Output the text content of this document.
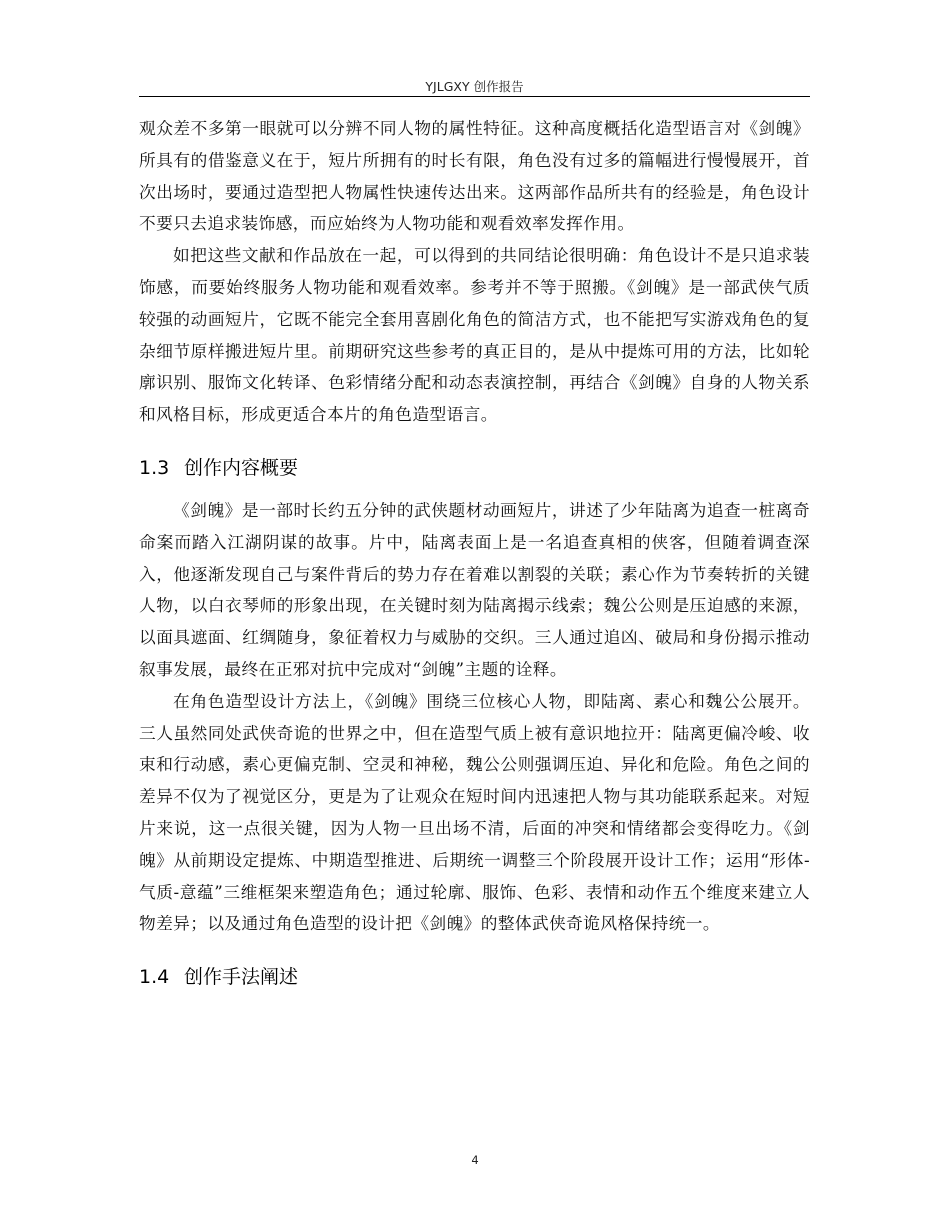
YJLGXY 创作报告

观众差不多第一眼就可以分辨不同人物的属性特征。这种高度概括化造型语言对《剑魄》所具有的借鉴意义在于，短片所拥有的时长有限，角色没有过多的篇幅进行慢慢展开，首次出场时，要通过造型把人物属性快速传达出来。这两部作品所共有的经验是，角色设计不要只去追求装饰感，而应始终为人物功能和观看效率发挥作用。

如把这些文献和作品放在一起，可以得到的共同结论很明确：角色设计不是只追求装饰感，而要始终服务人物功能和观看效率。参考并不等于照搬。《剑魄》是一部武侠气质较强的动画短片，它既不能完全套用喜剧化角色的简洁方式，也不能把写实游戏角色的复杂细节原样搬进短片里。前期研究这些参考的真正目的，是从中提炼可用的方法，比如轮廓识别、服饰文化转译、色彩情绪分配和动态表演控制，再结合《剑魄》自身的人物关系和风格目标，形成更适合本片的角色造型语言。

1.3 创作内容概要

《剑魄》是一部时长约五分钟的武侠题材动画短片，讲述了少年陆离为追查一桩离奇命案而踏入江湖阴谋的故事。片中，陆离表面上是一名追查真相的侠客，但随着调查深入，他逐渐发现自己与案件背后的势力存在着难以割裂的关联；素心作为节奏转折的关键人物，以白衣琴师的形象出现，在关键时刻为陆离揭示线索；魏公公则是压迫感的来源，以面具遮面、红绸随身，象征着权力与威胁的交织。三人通过追凶、破局和身份揭示推动叙事发展，最终在正邪对抗中完成对“剑魄”主题的诠释。

在角色造型设计方法上，《剑魄》围绕三位核心人物，即陆离、素心和魏公公展开。三人虽然同处武侠奇诡的世界之中，但在造型气质上被有意识地拉开：陆离更偏冷峻、收束和行动感，素心更偏克制、空灵和神秘，魏公公则强调压迫、异化和危险。角色之间的差异不仅为了视觉区分，更是为了让观众在短时间内迅速把人物与其功能联系起来。对短片来说，这一点很关键，因为人物一旦出场不清，后面的冲突和情绪都会变得吃力。《剑魄》从前期设定提炼、中期造型推进、后期统一调整三个阶段展开设计工作；运用“形体-气质-意蕴”三维框架来塑造角色；通过轮廓、服饰、色彩、表情和动作五个维度来建立人物差异；以及通过角色造型的设计把《剑魄》的整体武侠奇诡风格保持统一。

1.4 创作手法阐述
4
